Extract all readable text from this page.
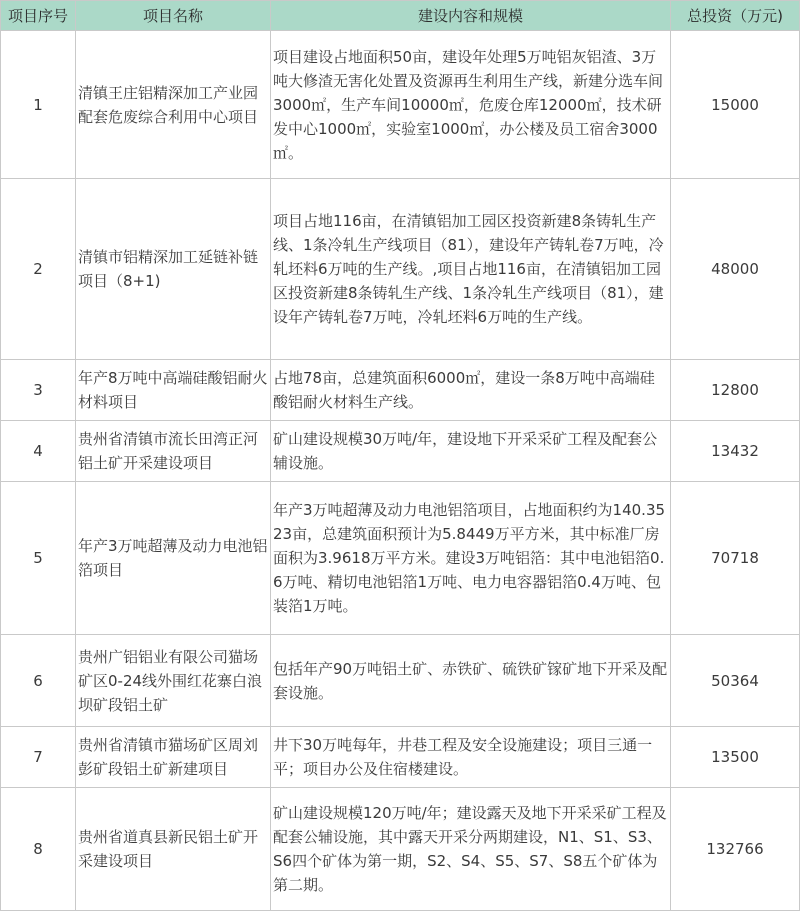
项目序号	项目名称	建设内容和规模	总投资（万元)
1	清镇王庄铝精深加工产业园配套危废综合利用中心项目	项目建设占地面积50亩，建设年处理5万吨铝灰铝渣、3万吨大修渣无害化处置及资源再生利用生产线，新建分选车间3000㎡，生产车间10000㎡，危废仓库12000㎡，技术研发中心1000㎡，实验室1000㎡，办公楼及员工宿舍3000㎡。	15000
2	清镇市铝精深加工延链补链项目（8+1)	项目占地116亩，在清镇铝加工园区投资新建8条铸轧生产线、1条冷轧生产线项目（81），建设年产铸轧卷7万吨，冷轧坯料6万吨的生产线。,项目占地116亩，在清镇铝加工园区投资新建8条铸轧生产线、1条冷轧生产线项目（81），建设年产铸轧卷7万吨，冷轧坯料6万吨的生产线。	48000
3	年产8万吨中高端硅酸铝耐火材料项目	占地78亩，总建筑面积6000㎡，建设一条8万吨中高端硅酸铝耐火材料生产线。	12800
4	贵州省清镇市流长田湾正河铝土矿开采建设项目	矿山建设规模30万吨/年，建设地下开采采矿工程及配套公辅设施。	13432
5	年产3万吨超薄及动力电池铝箔项目	年产3万吨超薄及动力电池铝箔项目，占地面积约为140.3523亩，总建筑面积预计为5.8449万平方米，其中标准厂房面积为3.9618万平方米。建设3万吨铝箔：其中电池铝箔0.6万吨、精切电池铝箔1万吨、电力电容器铝箔0.4万吨、包装箔1万吨。	70718
6	贵州广铝铝业有限公司猫场矿区0-24线外围红花寨白浪坝矿段铝土矿	包括年产90万吨铝土矿、赤铁矿、硫铁矿镓矿地下开采及配套设施。	50364
7	贵州省清镇市猫场矿区周刘彭矿段铝土矿新建项目	井下30万吨每年，井巷工程及安全设施建设；项目三通一平；项目办公及住宿楼建设。	13500
8	贵州省道真县新民铝土矿开采建设项目	矿山建设规模120万吨/年；建设露天及地下开采采矿工程及配套公辅设施，其中露天开采分两期建设，N1、S1、S3、S6四个矿体为第一期，S2、S4、S5、S7、S8五个矿体为第二期。	132766
